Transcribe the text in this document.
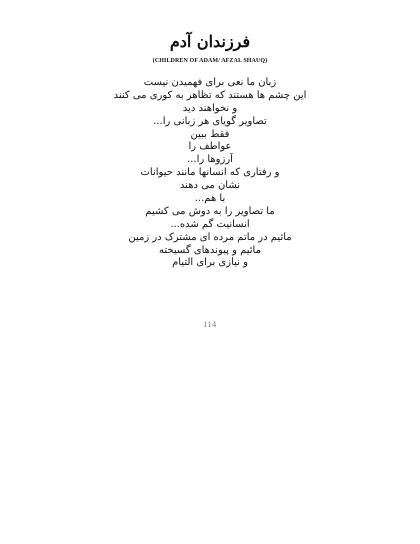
فرزندان آدم
(CHILDREN OF ADAM/ AFZAL SHAUQ)
زبان ما نعی برای فهمیدن نیست
این چشم ها هستند که تظاهر به کوری می کنند
و نخواهند دید
تصاویر گویای هر زبانی را...
فقط ببین
عواطف را
آرزوها را...
و رفتاری که انسانها مانند حیوانات
نشان می دهند
با هم...
ما تصاویر را به دوش می کشیم
انسانیت گم شده...
مائیم در ماتم مرده ای مشترک در زمین
مائیم و پیوندهای گسیخته
و نیازی برای التیام
114
